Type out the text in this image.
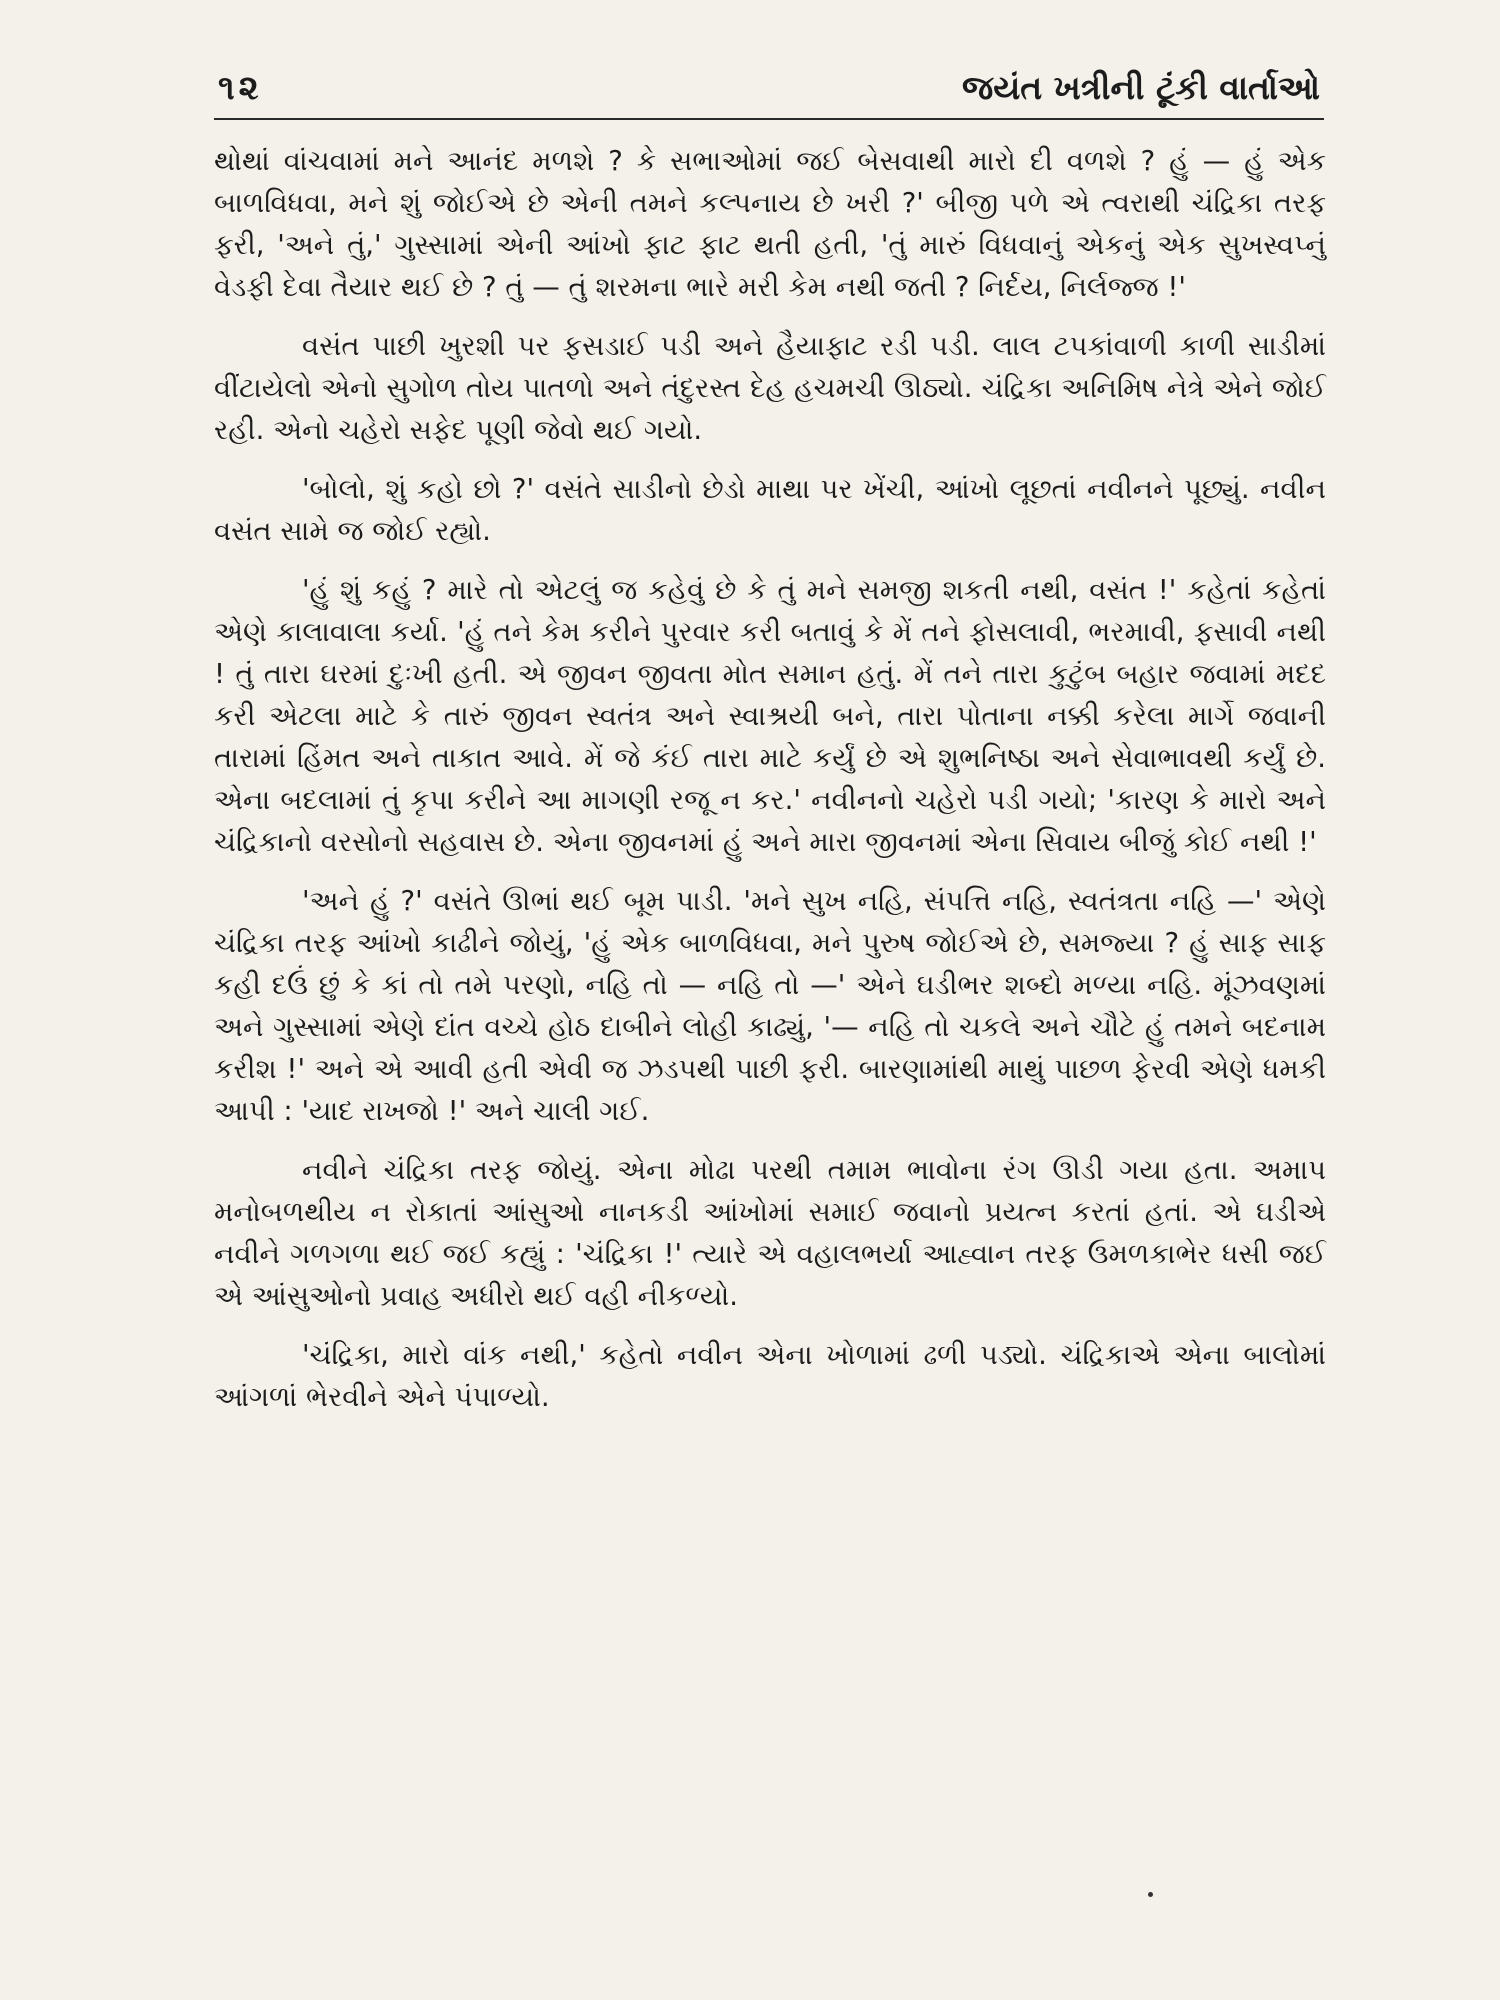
૧૨	જયંત ખત્રીની ટૂંકી વાર્તાઓ

થોથાં વાંચવામાં મને આનંદ મળશે ? કે સભાઓમાં જઈ બેસવાથી મારો દી વળશે ? હું — હું એક બાળવિધવા, મને શું જોઈએ છે એની તમને કલ્પનાય છે ખરી ?' બીજી પળે એ ત્વરાથી ચંદ્રિકા તરફ ફરી, 'અને તું,' ગુસ્સામાં એની આંખો ફાટ ફાટ થતી હતી, 'તું મારું વિધવાનું એકનું એક સુખસ્વપ્નું વેડફી દેવા તૈયાર થઈ છે ? તું — તું શરમના ભારે મરી કેમ નથી જતી ? નિર્દય, નિર્લજ્જ !'

વસંત પાછી ખુરશી પર ફસડાઈ પડી અને હૈયાફાટ રડી પડી. લાલ ટપકાંવાળી કાળી સાડીમાં વીંટાયેલો એનો સુગોળ તોય પાતળો અને તંદુરસ્ત દેહ હચમચી ઊઠ્યો. ચંદ્રિકા અનિમિષ નેત્રે એને જોઈ રહી. એનો ચહેરો સફેદ પૂણી જેવો થઈ ગયો.

'બોલો, શું કહો છો ?' વસંતે સાડીનો છેડો માથા પર ખેંચી, આંખો લૂછતાં નવીનને પૂછ્યું. નવીન વસંત સામે જ જોઈ રહ્યો.

'હું શું કહું ? મારે તો એટલું જ કહેવું છે કે તું મને સમજી શકતી નથી, વસંત !' કહેતાં કહેતાં એણે કાલાવાલા કર્યા. 'હું તને કેમ કરીને પુરવાર કરી બતાવું કે મેં તને ફોસલાવી, ભરમાવી, ફસાવી નથી ! તું તારા ઘરમાં દુઃખી હતી. એ જીવન જીવતા મોત સમાન હતું. મેં તને તારા કુટુંબ બહાર જવામાં મદદ કરી એટલા માટે કે તારું જીવન સ્વતંત્ર અને સ્વાશ્રયી બને, તારા પોતાના નક્કી કરેલા માર્ગે જવાની તારામાં હિંમત અને તાકાત આવે. મેં જે કંઈ તારા માટે કર્યું છે એ શુભનિષ્ઠા અને સેવાભાવથી કર્યું છે. એના બદલામાં તું કૃપા કરીને આ માગણી રજૂ ન કર.' નવીનનો ચહેરો પડી ગયો; 'કારણ કે મારો અને ચંદ્રિકાનો વરસોનો સહવાસ છે. એના જીવનમાં હું અને મારા જીવનમાં એના સિવાય બીજું કોઈ નથી !'

'અને હું ?' વસંતે ઊભાં થઈ બૂમ પાડી. 'મને સુખ નહિ, સંપત્તિ નહિ, સ્વતંત્રતા નહિ —' એણે ચંદ્રિકા તરફ આંખો કાઢીને જોયું, 'હું એક બાળવિધવા, મને પુરુષ જોઈએ છે, સમજ્યા ? હું સાફ સાફ કહી દઉં છું કે કાં તો તમે પરણો, નહિ તો — નહિ તો —' એને ઘડીભર શબ્દો મળ્યા નહિ. મૂંઝવણમાં અને ગુસ્સામાં એણે દાંત વચ્ચે હોઠ દાબીને લોહી કાઢ્યું, '— નહિ તો ચકલે અને ચૌટે હું તમને બદનામ કરીશ !' અને એ આવી હતી એવી જ ઝડપથી પાછી ફરી. બારણામાંથી માથું પાછળ ફેરવી એણે ધમકી આપી : 'યાદ રાખજો !' અને ચાલી ગઈ.

નવીને ચંદ્રિકા તરફ જોયું. એના મોઢા પરથી તમામ ભાવોના રંગ ઊડી ગયા હતા. અમાપ મનોબળથીય ન રોકાતાં આંસુઓ નાનકડી આંખોમાં સમાઈ જવાનો પ્રયત્ન કરતાં હતાં. એ ઘડીએ નવીને ગળગળા થઈ જઈ કહ્યું : 'ચંદ્રિકા !' ત્યારે એ વહાલભર્યા આહ્વાન તરફ ઉમળકાભેર ધસી જઈ એ આંસુઓનો પ્રવાહ અધીરો થઈ વહી નીકળ્યો.

'ચંદ્રિકા, મારો વાંક નથી,' કહેતો નવીન એના ખોળામાં ઢળી પડ્યો. ચંદ્રિકાએ એના બાલોમાં આંગળાં ભેરવીને એને પંપાળ્યો.
